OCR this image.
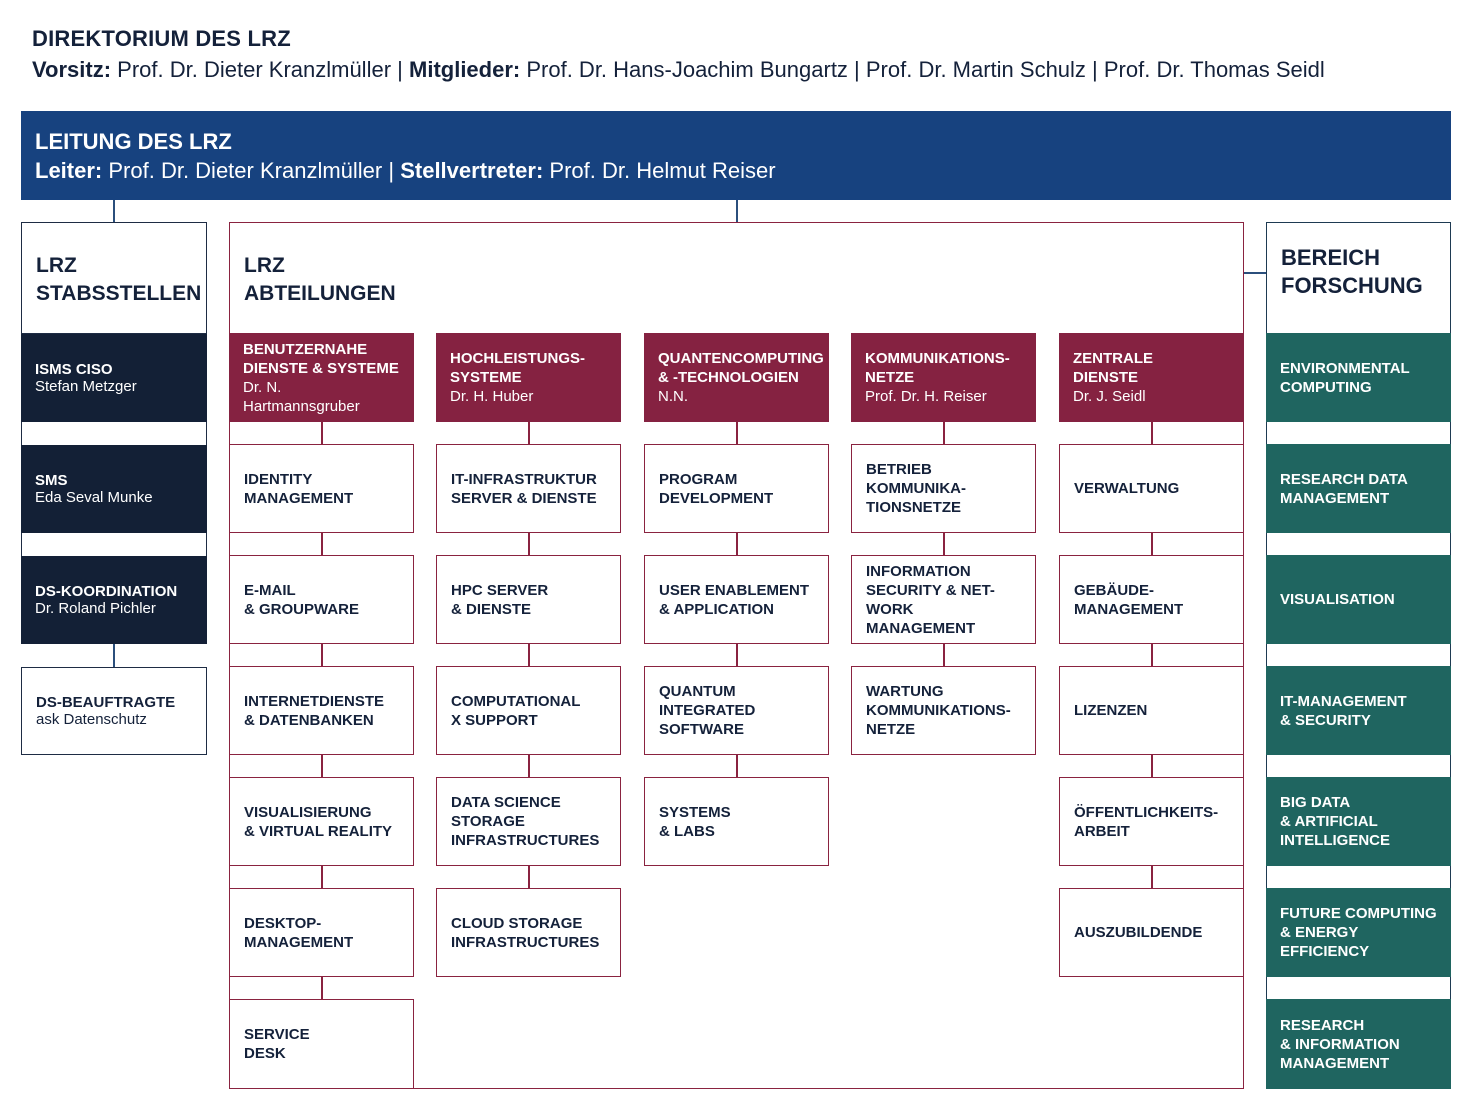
DIREKTORIUM DES LRZ
Vorsitz: Prof. Dr. Dieter Kranzlmüller | Mitglieder: Prof. Dr. Hans-Joachim Bungartz | Prof. Dr. Martin Schulz | Prof. Dr. Thomas Seidl
LEITUNG DES LRZ
Leiter: Prof. Dr. Dieter Kranzlmüller | Stellvertreter: Prof. Dr. Helmut Reiser
LRZ
STABSSTELLEN
ISMS CISO
Stefan Metzger
SMS
Eda Seval Munke
DS-KOORDINATION
Dr. Roland Pichler
DS-BEAUFTRAGTE
ask Datenschutz
LRZ
ABTEILUNGEN
BENUTZERNAHE
DIENSTE & SYSTEME
Dr. N. Hartmannsgruber
IDENTITY
MANAGEMENT
E-MAIL
& GROUPWARE
INTERNETDIENSTE
& DATENBANKEN
VISUALISIERUNG
& VIRTUAL REALITY
DESKTOP-
MANAGEMENT
SERVICE
DESK
HOCHLEISTUNGS-
SYSTEME
Dr. H. Huber
IT-INFRASTRUKTUR
SERVER & DIENSTE
HPC SERVER
& DIENSTE
COMPUTATIONAL
X SUPPORT
DATA SCIENCE
STORAGE
INFRASTRUCTURES
CLOUD STORAGE
INFRASTRUCTURES
QUANTENCOMPUTING
& -TECHNOLOGIEN
N.N.
PROGRAM
DEVELOPMENT
USER ENABLEMENT
& APPLICATION
QUANTUM
INTEGRATED
SOFTWARE
SYSTEMS
& LABS
KOMMUNIKATIONS-
NETZE
Prof. Dr. H. Reiser
BETRIEB
KOMMUNIKA-
TIONSNETZE
INFORMATION
SECURITY & NET-
WORK MANAGEMENT
WARTUNG
KOMMUNIKATIONS-
NETZE
ZENTRALE
DIENSTE
Dr. J. Seidl
VERWALTUNG
GEBÄUDE-
MANAGEMENT
LIZENZEN
ÖFFENTLICHKEITS-
ARBEIT
AUSZUBILDENDE
BEREICH
FORSCHUNG
ENVIRONMENTAL
COMPUTING
RESEARCH DATA
MANAGEMENT
VISUALISATION
IT-MANAGEMENT
& SECURITY
BIG DATA
& ARTIFICIAL
INTELLIGENCE
FUTURE COMPUTING
& ENERGY
EFFICIENCY
RESEARCH
& INFORMATION
MANAGEMENT
